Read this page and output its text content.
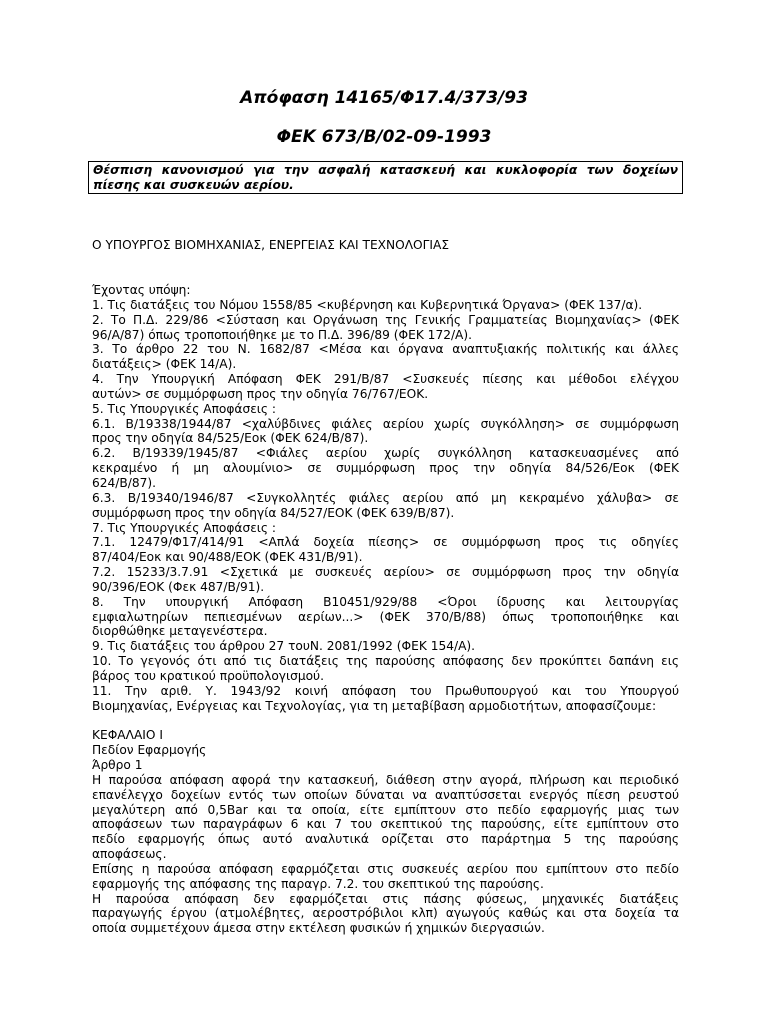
Απόφαση 14165/Φ17.4/373/93
ΦΕΚ 673/Β/02-09-1993
Θέσπιση κανονισμού για την ασφαλή κατασκευή και κυκλοφορία των δοχείων
πίεσης και συσκευών αερίου.
Ο ΥΠΟΥΡΓΟΣ ΒΙΟΜΗΧΑΝΙΑΣ, ΕΝΕΡΓΕΙΑΣ ΚΑΙ ΤΕΧΝΟΛΟΓΙΑΣ
Έχοντας υπόψη:
1. Τις διατάξεις του Νόμου 1558/85 <κυβέρνηση και Κυβερνητικά Όργανα> (ΦΕΚ 137/α).
2. Το Π.Δ. 229/86 <Σύσταση και Οργάνωση της Γενικής Γραμματείας Βιομηχανίας> (ΦΕΚ
96/Α/87) όπως τροποποιήθηκε με το Π.Δ. 396/89 (ΦΕΚ 172/Α).
3. Το άρθρο 22 του Ν. 1682/87 <Μέσα και όργανα αναπτυξιακής πολιτικής και άλλες
διατάξεις> (ΦΕΚ 14/Α).
4. Την Υπουργική Απόφαση ΦΕΚ 291/Β/87 <Συσκευές πίεσης και μέθοδοι ελέγχου
αυτών> σε συμμόρφωση προς την οδηγία 76/767/ΕΟΚ.
5. Τις Υπουργικές Αποφάσεις :
6.1. Β/19338/1944/87 <χαλύβδινες φιάλες αερίου χωρίς συγκόλληση> σε συμμόρφωση
προς την οδηγία 84/525/Εοκ (ΦΕΚ 624/Β/87).
6.2. Β/19339/1945/87 <Φιάλες αερίου χωρίς συγκόλληση κατασκευασμένες από
κεκραμένο ή μη αλουμίνιο> σε συμμόρφωση προς την οδηγία 84/526/Εοκ (ΦΕΚ
624/Β/87).
6.3. Β/19340/1946/87 <Συγκολλητές φιάλες αερίου από μη κεκραμένο χάλυβα> σε
συμμόρφωση προς την οδηγία 84/527/ΕΟΚ (ΦΕΚ 639/Β/87).
7. Τις Υπουργικές Αποφάσεις :
7.1. 12479/Φ17/414/91 <Απλά δοχεία πίεσης> σε συμμόρφωση προς τις οδηγίες
87/404/Εοκ και 90/488/ΕΟΚ (ΦΕΚ 431/Β/91).
7.2. 15233/3.7.91 <Σχετικά με συσκευές αερίου> σε συμμόρφωση προς την οδηγία
90/396/ΕΟΚ (Φεκ 487/Β/91).
8. Την υπουργική Απόφαση Β10451/929/88 <Όροι ίδρυσης και λειτουργίας
εμφιαλωτηρίων πεπιεσμένων αερίων...> (ΦΕΚ 370/Β/88) όπως τροποποιήθηκε και
διορθώθηκε μεταγενέστερα.
9. Τις διατάξεις του άρθρου 27 τουΝ. 2081/1992 (ΦΕΚ 154/Α).
10. Το γεγονός ότι από τις διατάξεις της παρούσης απόφασης δεν προκύπτει δαπάνη εις
βάρος του κρατικού προϋπολογισμού.
11. Την αριθ. Υ. 1943/92 κοινή απόφαση του Πρωθυπουργού και του Υπουργού
Βιομηχανίας, Ενέργειας και Τεχνολογίας, για τη μεταβίβαση αρμοδιοτήτων, αποφασίζουμε:
ΚΕΦΑΛΑΙΟ Ι
Πεδίον Εφαρμογής
Άρθρο 1
Η παρούσα απόφαση αφορά την κατασκευή, διάθεση στην αγορά, πλήρωση και περιοδικό
επανέλεγχο δοχείων εντός των οποίων δύναται να αναπτύσσεται ενεργός πίεση ρευστού
μεγαλύτερη από 0,5Bar και τα οποία, είτε εμπίπτουν στο πεδίο εφαρμογής μιας των
αποφάσεων των παραγράφων 6 και 7 του σκεπτικού της παρούσης, είτε εμπίπτουν στο
πεδίο εφαρμογής όπως αυτό αναλυτικά ορίζεται στο παράρτημα 5 της παρούσης
αποφάσεως.
Επίσης η παρούσα απόφαση εφαρμόζεται στις συσκευές αερίου που εμπίπτουν στο πεδίο
εφαρμογής της απόφασης της παραγρ. 7.2. του σκεπτικού της παρούσης.
Η παρούσα απόφαση δεν εφαρμόζεται στις πάσης φύσεως, μηχανικές διατάξεις
παραγωγής έργου (ατμολέβητες, αεροστρόβιλοι κλπ) αγωγούς καθώς και στα δοχεία τα
οποία συμμετέχουν άμεσα στην εκτέλεση φυσικών ή χημικών διεργασιών.
